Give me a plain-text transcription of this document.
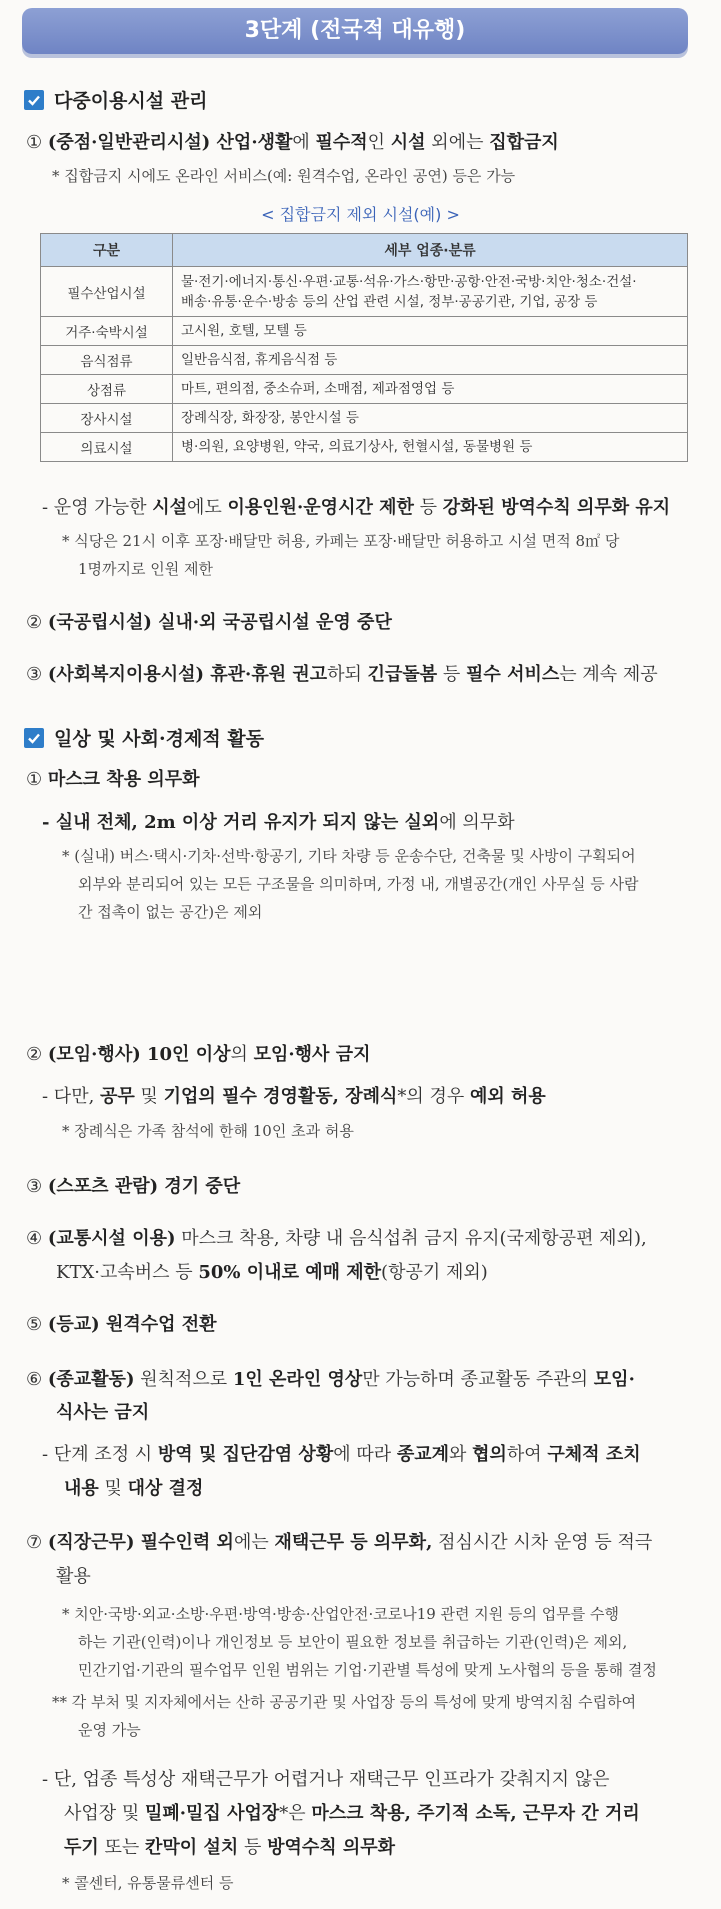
3단계 (전국적 대유행)
다중이용시설 관리
① (중점·일반관리시설) 산업·생활에 필수적인 시설 외에는 집합금지
* 집합금지 시에도 온라인 서비스(예: 원격수업, 온라인 공연) 등은 가능
< 집합금지 제외 시설(예) >
구분	세부 업종·분류
필수산업시설	물·전기·에너지·통신·우편·교통·석유·가스·항만·공항·안전·국방·치안·청소·건설·
배송·유통·운수·방송 등의 산업 관련 시설, 정부·공공기관, 기업, 공장 등

거주·숙박시설	고시원, 호텔, 모텔 등
음식점류	일반음식점, 휴게음식점 등
상점류	마트, 편의점, 중소슈퍼, 소매점, 제과점영업 등
장사시설	장례식장, 화장장, 봉안시설 등
의료시설	병·의원, 요양병원, 약국, 의료기상사, 헌혈시설, 동물병원 등
- 운영 가능한 시설에도 이용인원·운영시간 제한 등 강화된 방역수칙 의무화 유지
* 식당은 21시 이후 포장·배달만 허용, 카페는 포장·배달만 허용하고 시설 면적 8㎡ 당
1명까지로 인원 제한
② (국공립시설) 실내·외 국공립시설 운영 중단
③ (사회복지이용시설) 휴관·휴원 권고하되 긴급돌봄 등 필수 서비스는 계속 제공
일상 및 사회·경제적 활동
① 마스크 착용 의무화
- 실내 전체, 2m 이상 거리 유지가 되지 않는 실외에 의무화
* (실내) 버스·택시·기차·선박·항공기, 기타 차량 등 운송수단, 건축물 및 사방이 구획되어
외부와 분리되어 있는 모든 구조물을 의미하며, 가정 내, 개별공간(개인 사무실 등 사람
간 접촉이 없는 공간)은 제외
② (모임·행사) 10인 이상의 모임·행사 금지
- 다만, 공무 및 기업의 필수 경영활동, 장례식*의 경우 예외 허용
* 장례식은 가족 참석에 한해 10인 초과 허용
③ (스포츠 관람) 경기 중단
④ (교통시설 이용) 마스크 착용, 차량 내 음식섭취 금지 유지(국제항공편 제외),
KTX·고속버스 등 50% 이내로 예매 제한(항공기 제외)
⑤ (등교) 원격수업 전환
⑥ (종교활동) 원칙적으로 1인 온라인 영상만 가능하며 종교활동 주관의 모임·
식사는 금지
- 단계 조정 시 방역 및 집단감염 상황에 따라 종교계와 협의하여 구체적 조치
내용 및 대상 결정
⑦ (직장근무) 필수인력 외에는 재택근무 등 의무화, 점심시간 시차 운영 등 적극
활용
* 치안·국방·외교·소방·우편·방역·방송·산업안전·코로나19 관련 지원 등의 업무를 수행
하는 기관(인력)이나 개인정보 등 보안이 필요한 정보를 취급하는 기관(인력)은 제외,
민간기업·기관의 필수업무 인원 범위는 기업·기관별 특성에 맞게 노사협의 등을 통해 결정
** 각 부처 및 지자체에서는 산하 공공기관 및 사업장 등의 특성에 맞게 방역지침 수립하여
운영 가능
- 단, 업종 특성상 재택근무가 어렵거나 재택근무 인프라가 갖춰지지 않은
사업장 및 밀폐·밀집 사업장*은 마스크 착용, 주기적 소독, 근무자 간 거리
두기 또는 칸막이 설치 등 방역수칙 의무화
* 콜센터, 유통물류센터 등
